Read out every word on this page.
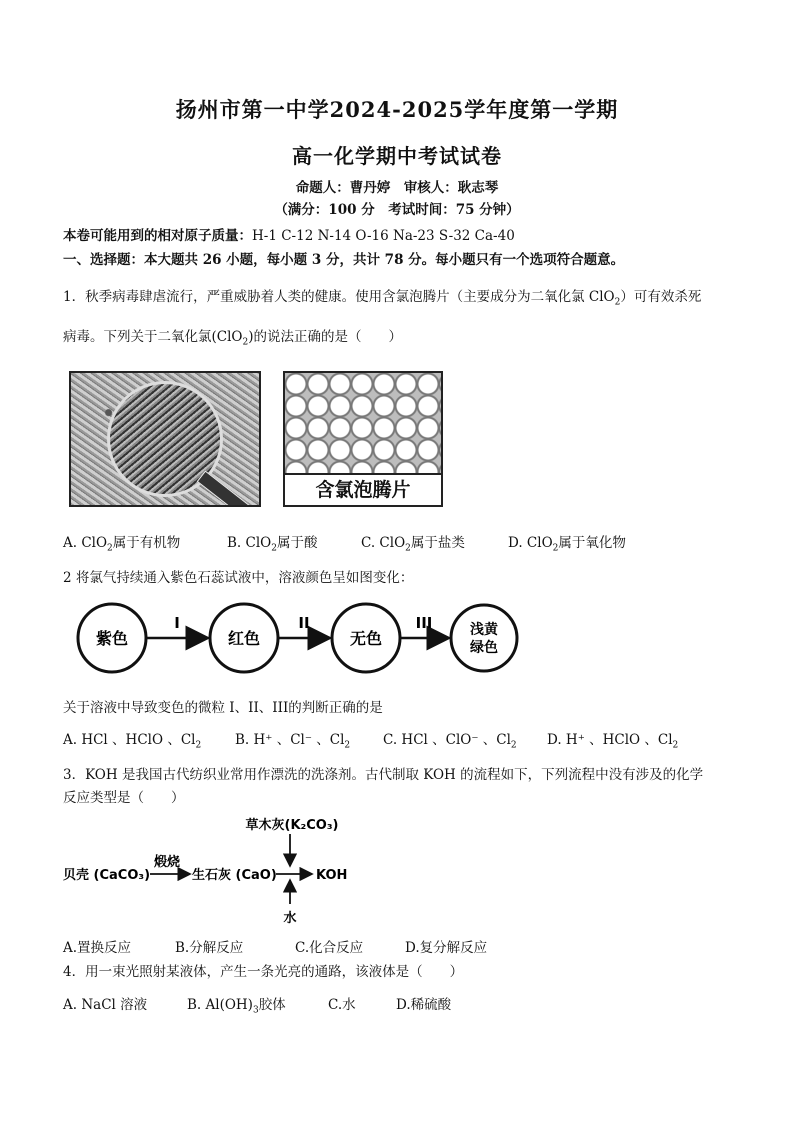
扬州市第一中学2024-2025学年度第一学期
高一化学期中考试试卷
命题人：曹丹婷　审核人：耿志琴
（满分：100 分　考试时间：75 分钟）
本卷可能用到的相对原子质量：H-1 C-12 N-14 O-16 Na-23 S-32 Ca-40
一、选择题：本大题共 26 小题，每小题 3 分，共计 78 分。每小题只有一个选项符合题意。
1．秋季病毒肆虐流行，严重威胁着人类的健康。使用含氯泡腾片（主要成分为二氧化氯 ClO$_2$）可有效杀死
病毒。下列关于二氧化氯(ClO$_2$)的说法正确的是（　　）
含氯泡腾片
A. ClO$_2$属于有机物	B. ClO$_2$属于酸	C. ClO$_2$属于盐类	D. ClO$_2$属于氧化物
2 将氯气持续通入紫色石蕊试液中，溶液颜色呈如图变化：
紫色	红色	无色	浅黄
绿色
I	II	III
关于溶液中导致变色的微粒 I、II、III的判断正确的是
A. HCl 、HClO 、$Cl_2$	B. H⁺ 、Cl⁻ 、$Cl_2$ C. HCl 、ClO⁻ 、$Cl_2$ D. H⁺ 、HClO 、$Cl_2$
3．KOH 是我国古代纺织业常用作漂洗的洗涤剂。古代制取 KOH 的流程如下，下列流程中没有涉及的化学
反应类型是（　　）
草木灰(K₂CO₃)
贝壳 (CaCO₃)
煅烧
生石灰 (CaO)	KOH
水
A.置换反应	B.分解反应	C.化合反应	D.复分解反应
4．用一束光照射某液体，产生一条光亮的通路，该液体是（　　）
A. NaCl 溶液	B. $Al(OH)_3$胶体	C.水	D.稀硫酸
